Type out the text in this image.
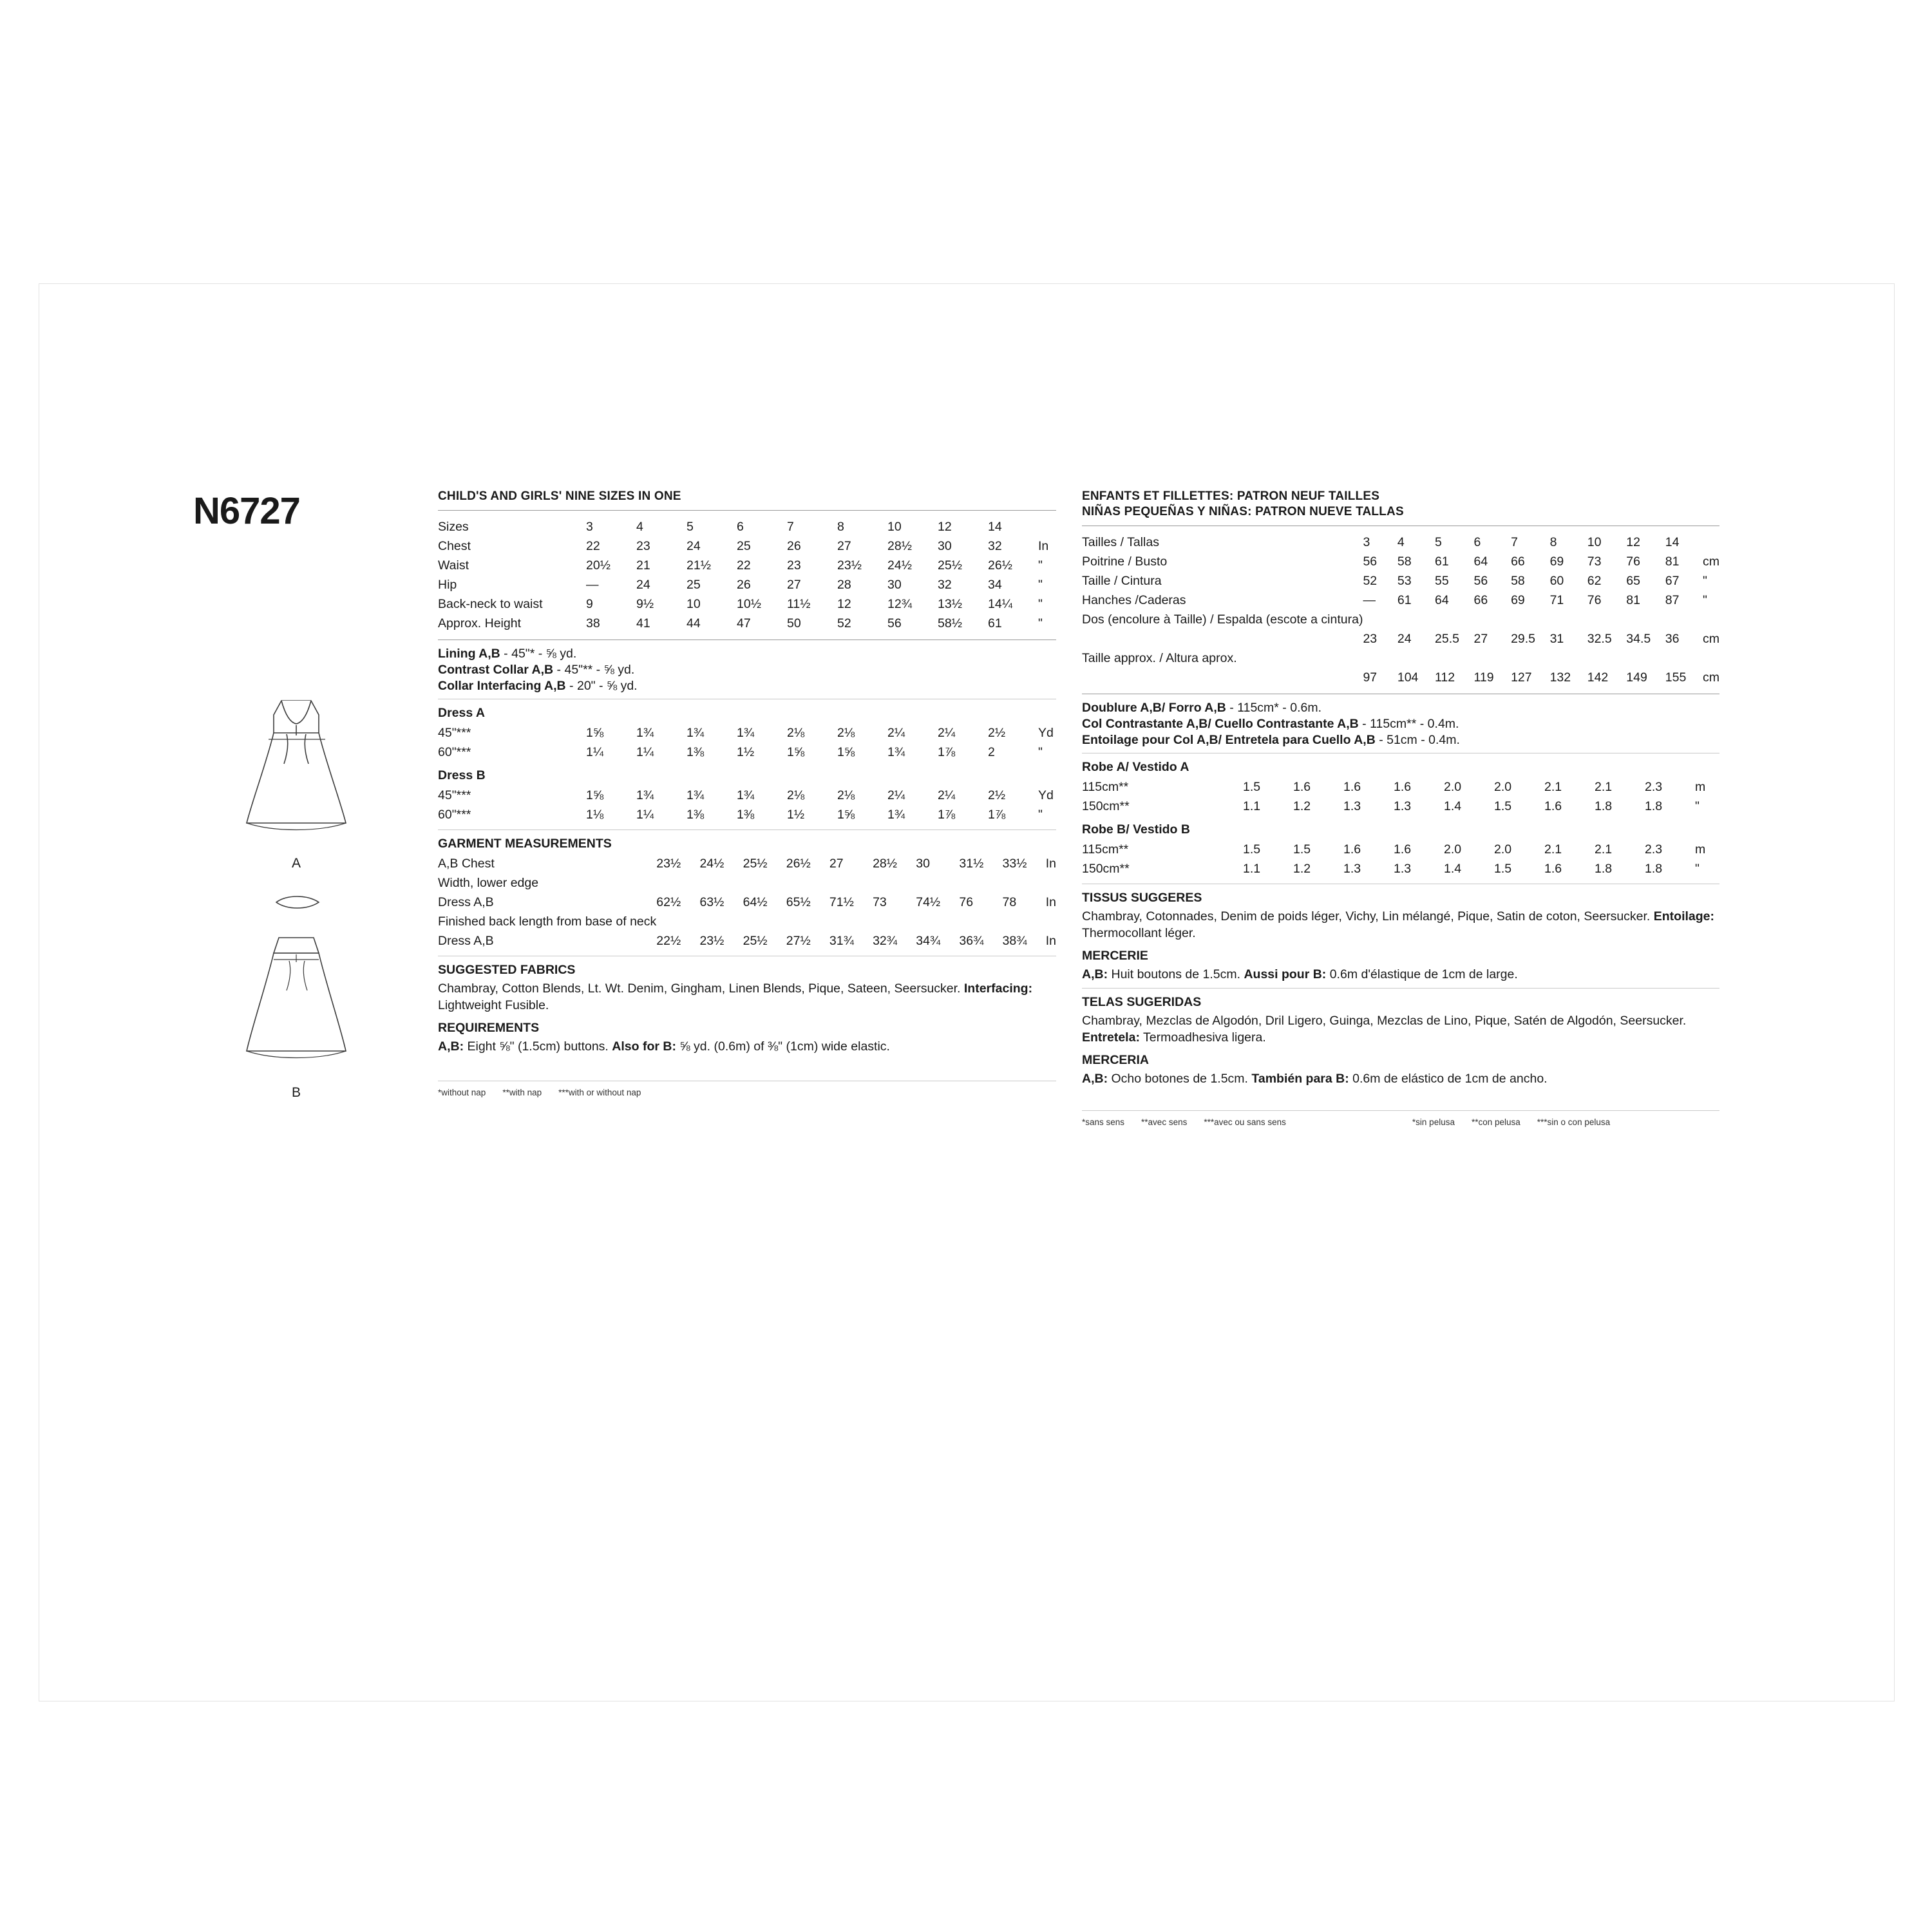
N6727
A

B
CHILD'S AND GIRLS' NINE SIZES IN ONE
Sizes	3	4	5	6	7	8	10	12	14	
Chest	22	23	24	25	26	27	28½	30	32	In
Waist	20½	21	21½	22	23	23½	24½	25½	26½	"
Hip	—	24	25	26	27	28	30	32	34	"
Back-neck to waist	9	9½	10	10½	11½	12	12¾	13½	14¼	"
Approx. Height	38	41	44	47	50	52	56	58½	61	"
Lining A,B - 45"* - ⅝ yd.
Contrast Collar A,B - 45"** - ⅝ yd.
Collar Interfacing A,B - 20" - ⅝ yd.
Dress A
45"***	1⅝	1¾	1¾	1¾	2⅛	2⅛	2¼	2¼	2½	Yd
60"***	1¼	1¼	1⅜	1½	1⅝	1⅝	1¾	1⅞	2	"
Dress B
45"***	1⅝	1¾	1¾	1¾	2⅛	2⅛	2¼	2¼	2½	Yd
60"***	1⅛	1¼	1⅜	1⅜	1½	1⅝	1¾	1⅞	1⅞	"
GARMENT MEASUREMENTS
A,B Chest	23½	24½	25½	26½	27	28½	30	31½	33½	In
Width, lower edge										
Dress A,B	62½	63½	64½	65½	71½	73	74½	76	78	In
Finished back length from base of neck										
Dress A,B	22½	23½	25½	27½	31¾	32¾	34¾	36¾	38¾	In
SUGGESTED FABRICS
Chambray, Cotton Blends, Lt. Wt. Denim, Gingham, Linen Blends, Pique, Sateen, Seersucker. Interfacing: Lightweight Fusible.
REQUIREMENTS
A,B: Eight ⅝" (1.5cm) buttons. Also for B: ⅝ yd. (0.6m) of ⅜" (1cm) wide elastic.
*without nap **with nap ***with or without nap
ENFANTS ET FILLETTES: PATRON NEUF TAILLES
NIÑAS PEQUEÑAS Y NIÑAS: PATRON NUEVE TALLAS
Tailles / Tallas	3	4	5	6	7	8	10	12	14	
Poitrine / Busto	56	58	61	64	66	69	73	76	81	cm
Taille / Cintura	52	53	55	56	58	60	62	65	67	"
Hanches /Caderas	—	61	64	66	69	71	76	81	87	"
Dos (encolure à Taille) / Espalda (escote a cintura)										
	23	24	25.5	27	29.5	31	32.5	34.5	36	cm
Taille approx. / Altura aprox.										
	97	104	112	119	127	132	142	149	155	cm
Doublure A,B/ Forro A,B - 115cm* - 0.6m.
Col Contrastante A,B/ Cuello Contrastante A,B - 115cm** - 0.4m.
Entoilage pour Col A,B/ Entretela para Cuello A,B - 51cm - 0.4m.
Robe A/ Vestido A
115cm**	1.5	1.6	1.6	1.6	2.0	2.0	2.1	2.1	2.3	m
150cm**	1.1	1.2	1.3	1.3	1.4	1.5	1.6	1.8	1.8	"
Robe B/ Vestido B
115cm**	1.5	1.5	1.6	1.6	2.0	2.0	2.1	2.1	2.3	m
150cm**	1.1	1.2	1.3	1.3	1.4	1.5	1.6	1.8	1.8	"
TISSUS SUGGERES
Chambray, Cotonnades, Denim de poids léger, Vichy, Lin mélangé, Pique, Satin de coton, Seersucker. Entoilage: Thermocollant léger.
MERCERIE
A,B: Huit boutons de 1.5cm. Aussi pour B: 0.6m d'élastique de 1cm de large.
TELAS SUGERIDAS
Chambray, Mezclas de Algodón, Dril Ligero, Guinga, Mezclas de Lino, Pique, Satén de Algodón, Seersucker. Entretela: Termoadhesiva ligera.
MERCERIA
A,B: Ocho botones de 1.5cm. También para B: 0.6m de elástico de 1cm de ancho.
*sans sens **avec sens ***avec ou sans sens	*sin pelusa **con pelusa ***sin o con pelusa
